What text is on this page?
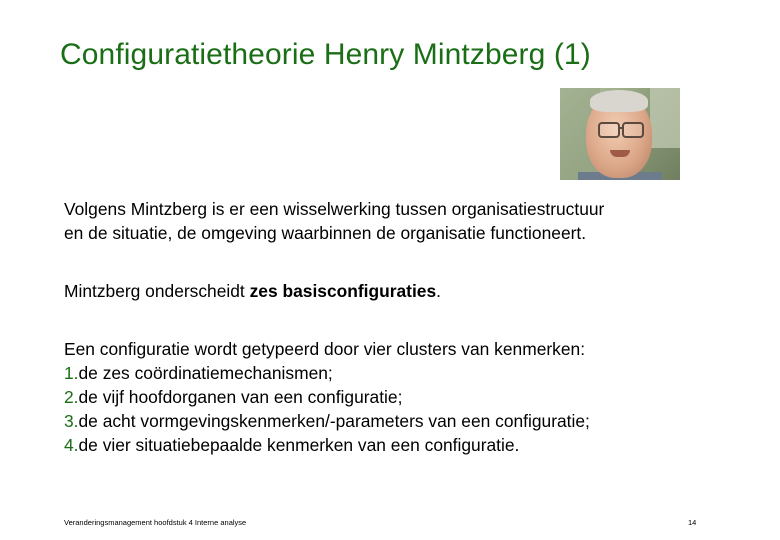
Configuratietheorie Henry Mintzberg (1)
Volgens Mintzberg is er een wisselwerking tussen organisatiestructuur
en de situatie, de omgeving waarbinnen de organisatie functioneert.
Mintzberg onderscheidt zes basisconfiguraties.
Een configuratie wordt getypeerd door vier clusters van kenmerken:
1.de zes coördinatiemechanismen;
2.de vijf hoofdorganen van een configuratie;
3.de acht vormgevingskenmerken/-parameters van een configuratie;
4.de vier situatiebepaalde kenmerken van een configuratie.
Veranderingsmanagement hoofdstuk 4 Interne analyse	14
